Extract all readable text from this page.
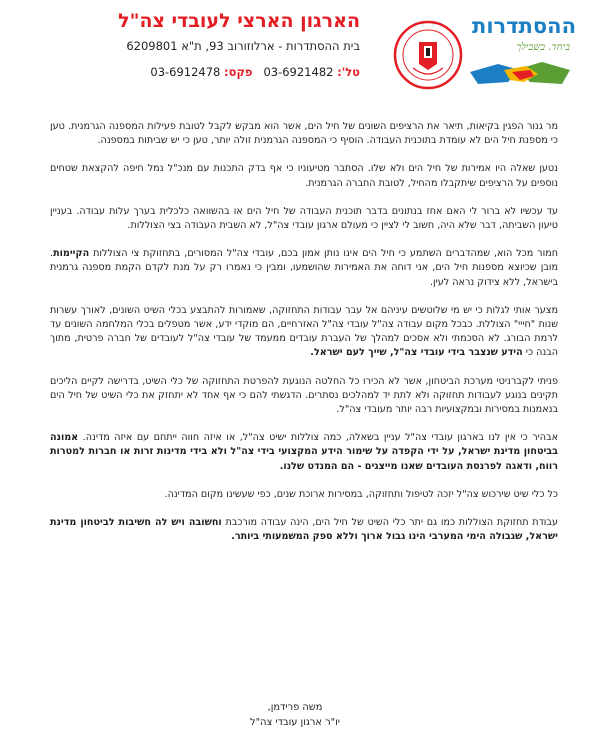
ההסתדרות
ביחד. בשבילך
הארגון הארצי לעובדי צה"ל
בית ההסתדרות - ארלוזורוב 93, ת"א 6209801
טל': 03-6921482   פקס: 03-6912478

מר גנור הפגין בקיאות, תיאר את הרציפים השונים של חיל הים, אשר הוא מבקש לקבל לטובת פעילות המספנה הגרמנית. טען כי מספנת חיל הים לא עומדת בתוכנית העבודה. הוסיף כי המספנה הגרמנית זולה יותר, טען כי יש שביתות במספנה.

נטען שאלה היו אמירות של חיל הים ולא שלו. הסתבר מטיעוניו כי אף בדק התכנות עם מנכ"ל נמל חיפה להקצאת שטחים נוספים על הרציפים שיתקבלו מהחיל, לטובת החברה הגרמנית.

עד עכשיו לא ברור לי האם אחז בנתונים בדבר תוכנית העבודה של חיל הים או בהשוואה כלכלית בערך עלות עבודה. בעניין טיעון השביתה, דבר שלא היה, חשוב לי לציין כי מעולם ארגון עובדי צה"ל, לא השבית העבודה בצי הצוללות.

חמור מכל הוא, שמהדברים השתמע כי חיל הים אינו נותן אמון בכם, עובדי צה"ל המסורים, בתחזוקת צי הצוללות הקיימות. מובן שכיוצא מספנות חיל הים, אני דוחה את האמירות שהושמעו, ומבין כי נאמרו רק על מנת לקדם הקמת מספנה גרמנית בישראל, ללא צידוק נראה לעין.

מצער אותי לגלות כי יש מי שלוטשים עיניהם אל עבר עבודות התחזוקה, שאמורות להתבצע בכלי השיט השונים, לאורך עשרות שנות "חייי" הצוללת. כבכל מקום עבודה צה"ל עובדי צה"ל האזרחיים, הם מוקדי ידע, אשר מטפלים בכלי המלחמה השונים עד לרמת הבורג. לא הסכמתי ולא אסכים למהלך של העברת עובדים ממעמד של עובדי צה"ל לעובדים של חברה פרטית, מתוך הבנה כי הידע שנצבר בידי עובדי צה"ל, שייך לעם ישראל.

פניתי לקברניטי מערכת הביטחון, אשר לא הכירו כל החלטה הנוגעת להפרטת התחזוקה של כלי השיט, בדרישה לקיים הליכים תקינים בנוגע לעבודות תחזוקה ולא לתת יד למהלכים נסתרים. הדגשתי להם כי אף אחד לא יתחזק את כלי השיט של חיל הים בנאמנות במסירות ובמקצועיות רבה יותר מעובדי צה"ל.

אבהיר כי אין לנו בארגון עובדי צה"ל עניין בשאלה, כמה צוללות ישיט צה"ל, או איזה חווה ייתחם עם איזה מדינה. אמונה בביטחון מדינת ישראל, על ידי הקפדה על שימור הידע המקצועי בידי צה"ל ולא בידי מדינות זרות או חברות למטרות רווח, ודאגה לפרנסת העובדים שאנו מייצגים - הם המנדט שלנו.

כל כלי שיט שירכוש צה"ל יזכה לטיפול ותחזוקה, במסירות ארוכת שנים, כפי שעשינו מקום המדינה.

עבודת תחזוקת הצוללות כמו גם יתר כלי השיט של חיל הים, הינה עבודה מורכבת וחשובה ויש לה חשיבות לביטחון מדינת ישראל, שגבולה הימי המערבי הינו גבול ארוך וללא ספק המשמעותי ביותר.

משה פרידמן,
יו"ר ארגון עובדי צה"ל
